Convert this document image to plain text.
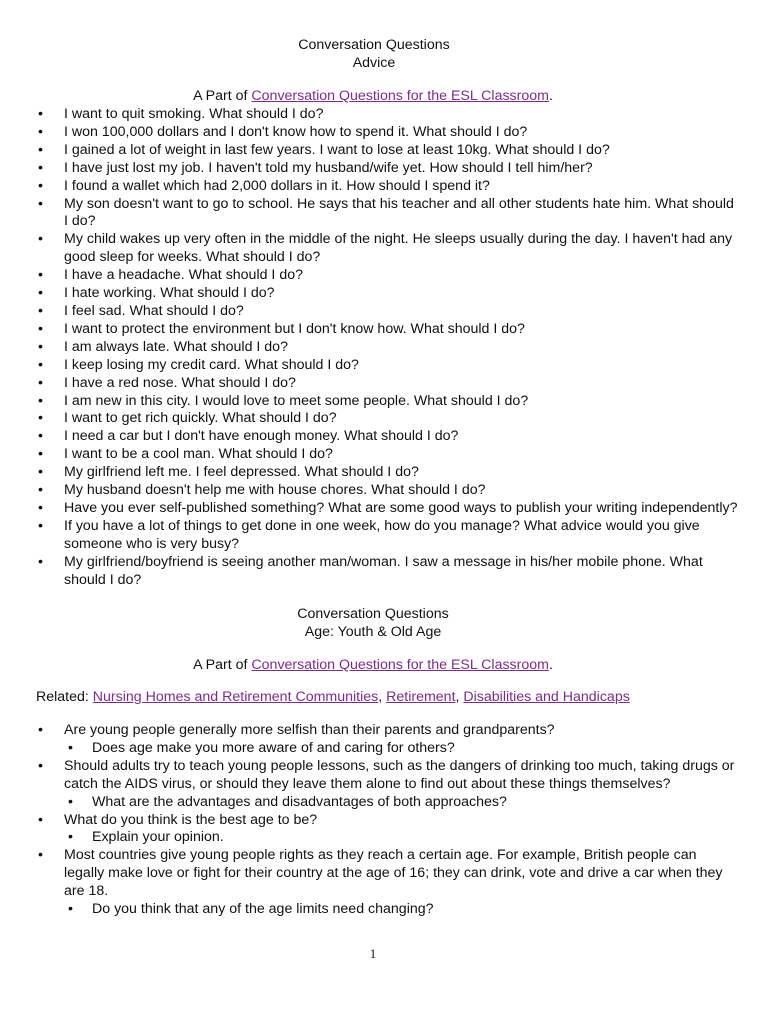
Conversation Questions
Advice
A Part of Conversation Questions for the ESL Classroom.
• I want to quit smoking. What should I do?
• I won 100,000 dollars and I don't know how to spend it. What should I do?
• I gained a lot of weight in last few years. I want to lose at least 10kg. What should I do?
• I have just lost my job. I haven't told my husband/wife yet. How should I tell him/her?
• I found a wallet which had 2,000 dollars in it. How should I spend it?
• My son doesn't want to go to school. He says that his teacher and all other students hate him. What should I do?
• My child wakes up very often in the middle of the night. He sleeps usually during the day. I haven't had any good sleep for weeks. What should I do?
• I have a headache. What should I do?
• I hate working. What should I do?
• I feel sad. What should I do?
• I want to protect the environment but I don't know how. What should I do?
• I am always late. What should I do?
• I keep losing my credit card. What should I do?
• I have a red nose. What should I do?
• I am new in this city. I would love to meet some people. What should I do?
• I want to get rich quickly. What should I do?
• I need a car but I don't have enough money. What should I do?
• I want to be a cool man. What should I do?
• My girlfriend left me. I feel depressed. What should I do?
• My husband doesn't help me with house chores. What should I do?
• Have you ever self-published something? What are some good ways to publish your writing independently?
• If you have a lot of things to get done in one week, how do you manage? What advice would you give someone who is very busy?
• My girlfriend/boyfriend is seeing another man/woman. I saw a message in his/her mobile phone. What should I do?
Conversation Questions
Age: Youth & Old Age
A Part of Conversation Questions for the ESL Classroom.
Related: Nursing Homes and Retirement Communities, Retirement, Disabilities and Handicaps
• Are young people generally more selfish than their parents and grandparents?
• Does age make you more aware of and caring for others?
• Should adults try to teach young people lessons, such as the dangers of drinking too much, taking drugs or catch the AIDS virus, or should they leave them alone to find out about these things themselves?
• What are the advantages and disadvantages of both approaches?
• What do you think is the best age to be?
• Explain your opinion.
• Most countries give young people rights as they reach a certain age. For example, British people can legally make love or fight for their country at the age of 16; they can drink, vote and drive a car when they are 18.
• Do you think that any of the age limits need changing?
1
